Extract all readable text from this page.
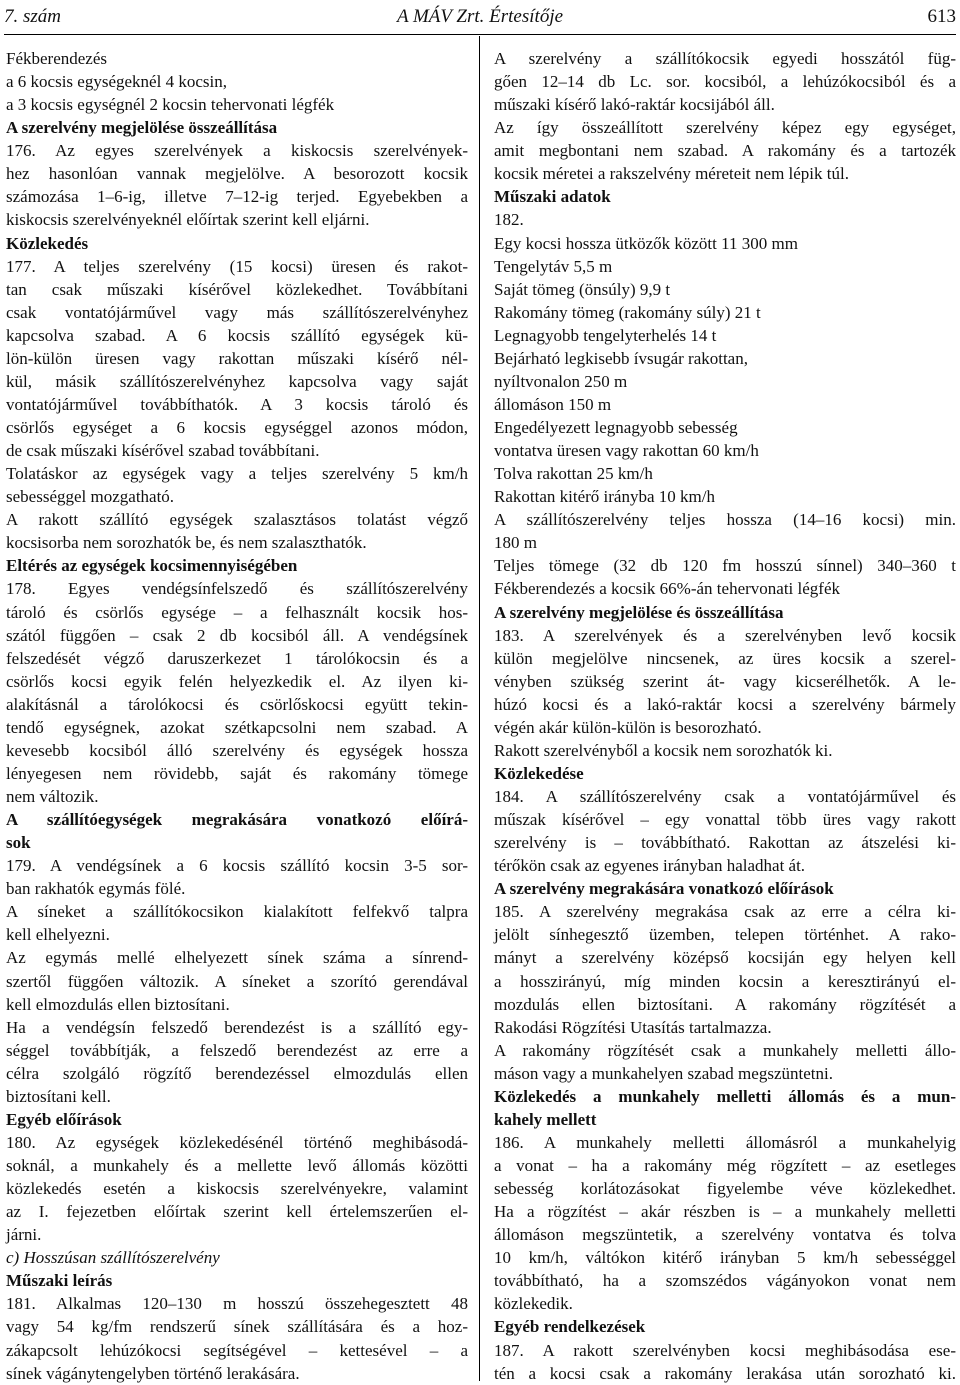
7. szám	A MÁV Zrt. Értesítője	613
Fékberendezés
a 6 kocsis egységeknél 4 kocsin,
a 3 kocsis egységnél 2 kocsin tehervonati légfék
A szerelvény megjelölése összeállítása
176. Az egyes szerelvények a kiskocsis szerelvények-
hez hasonlóan vannak megjelölve. A besorozott kocsik
számozása 1–6-ig, illetve 7–12-ig terjed. Egyebekben a
kiskocsis szerelvényeknél előírtak szerint kell eljárni.
Közlekedés
177. A teljes szerelvény (15 kocsi) üresen és rakot-
tan csak műszaki kísérővel közlekedhet. Továbbítani
csak vontatójárművel vagy más szállítószerelvényhez
kapcsolva szabad. A 6 kocsis szállító egységek kü-
lön-külön üresen vagy rakottan műszaki kísérő nél-
kül, másik szállítószerelvényhez kapcsolva vagy saját
vontatójárművel továbbíthatók. A 3 kocsis tároló és
csörlős egységet a 6 kocsis egységgel azonos módon,
de csak műszaki kísérővel szabad továbbítani.
Tolatáskor az egységek vagy a teljes szerelvény 5 km/h
sebességgel mozgatható.
A rakott szállító egységek szalasztásos tolatást végző
kocsisorba nem sorozhatók be, és nem szalaszthatók.
Eltérés az egységek kocsimennyiségében
178. Egyes vendégsínfelszedő és szállítószerelvény
tároló és csörlős egysége – a felhasznált kocsik hos-
szától függően – csak 2 db kocsiból áll. A vendégsínek
felszedését végző daruszerkezet 1 tárolókocsin és a
csörlős kocsi egyik felén helyezkedik el. Az ilyen ki-
alakításnál a tárolókocsi és csörlőskocsi együtt tekin-
tendő egységnek, azokat szétkapcsolni nem szabad. A
kevesebb kocsiból álló szerelvény és egységek hossza
lényegesen nem rövidebb, saját és rakomány tömege
nem változik.
A szállítóegységek megrakására vonatkozó előírá-
sok
179. A vendégsínek a 6 kocsis szállító kocsin 3-5 sor-
ban rakhatók egymás fölé.
A síneket a szállítókocsikon kialakított felfekvő talpra
kell elhelyezni.
Az egymás mellé elhelyezett sínek száma a sínrend-
szertől függően változik. A síneket a szorító gerendával
kell elmozdulás ellen biztosítani.
Ha a vendégsín felszedő berendezést is a szállító egy-
séggel továbbítják, a felszedő berendezést az erre a
célra szolgáló rögzítő berendezéssel elmozdulás ellen
biztosítani kell.
Egyéb előírások
180. Az egységek közlekedésénél történő meghibásodá-
soknál, a munkahely és a mellette levő állomás közötti
közlekedés esetén a kiskocsis szerelvényekre, valamint
az I. fejezetben előírtak szerint kell értelemszerűen el-
járni.
c) Hosszúsan szállítószerelvény
Műszaki leírás
181. Alkalmas 120–130 m hosszú összehegesztett 48
vagy 54 kg/fm rendszerű sínek szállítására és a hoz-
zákapcsolt lehúzókocsi segítségével – kettesével – a
sínek vágánytengelyben történő lerakására.
A szerelvény a szállítókocsik egyedi hosszától füg-
gően 12–14 db Lc. sor. kocsiból, a lehúzókocsiból és a
műszaki kísérő lakó-raktár kocsijából áll.
Az így összeállított szerelvény képez egy egységet,
amit megbontani nem szabad. A rakomány és a tartozék
kocsik méretei a rakszelvény méreteit nem lépik túl.
Műszaki adatok
182.
Egy kocsi hossza ütközők között 11 300 mm
Tengelytáv 5,5 m
Saját tömeg (önsúly) 9,9 t
Rakomány tömeg (rakomány súly) 21 t
Legnagyobb tengelyterhelés 14 t
Bejárható legkisebb ívsugár rakottan,
nyíltvonalon 250 m
állomáson 150 m
Engedélyezett legnagyobb sebesség
vontatva üresen vagy rakottan 60 km/h
Tolva rakottan 25 km/h
Rakottan kitérő irányba 10 km/h
A szállítószerelvény teljes hossza (14–16 kocsi) min.
180 m
Teljes tömege (32 db 120 fm hosszú sínnel) 340–360 t
Fékberendezés a kocsik 66%-án tehervonati légfék
A szerelvény megjelölése és összeállítása
183. A szerelvények és a szerelvényben levő kocsik
külön megjelölve nincsenek, az üres kocsik a szerel-
vényben szükség szerint át- vagy kicserélhetők. A le-
húzó kocsi és a lakó-raktár kocsi a szerelvény bármely
végén akár külön-külön is besorozható.
Rakott szerelvényből a kocsik nem sorozhatók ki.
Közlekedése
184. A szállítószerelvény csak a vontatójárművel és
műszak kísérővel – egy vonattal több üres vagy rakott
szerelvény is – továbbítható. Rakottan az átszelési ki-
térőkön csak az egyenes irányban haladhat át.
A szerelvény megrakására vonatkozó előírások
185. A szerelvény megrakása csak az erre a célra ki-
jelölt sínhegesztő üzemben, telepen történhet. A rako-
mányt a szerelvény középső kocsiján egy helyen kell
a hosszirányú, míg minden kocsin a keresztirányú el-
mozdulás ellen biztosítani. A rakomány rögzítését a
Rakodási Rögzítési Utasítás tartalmazza.
A rakomány rögzítését csak a munkahely melletti állo-
máson vagy a munkahelyen szabad megszüntetni.
Közlekedés a munkahely melletti állomás és a mun-
kahely mellett
186. A munkahely melletti állomásról a munkahelyig
a vonat – ha a rakomány még rögzített – az esetleges
sebesség korlátozásokat figyelembe véve közlekedhet.
Ha a rögzítést – akár részben is – a munkahely melletti
állomáson megszüntetik, a szerelvény vontatva és tolva
10 km/h, váltókon kitérő irányban 5 km/h sebességgel
továbbítható, ha a szomszédos vágányokon vonat nem
közlekedik.
Egyéb rendelkezések
187. A rakott szerelvényben kocsi meghibásodása ese-
tén a kocsi csak a rakomány lerakása után sorozható ki.
